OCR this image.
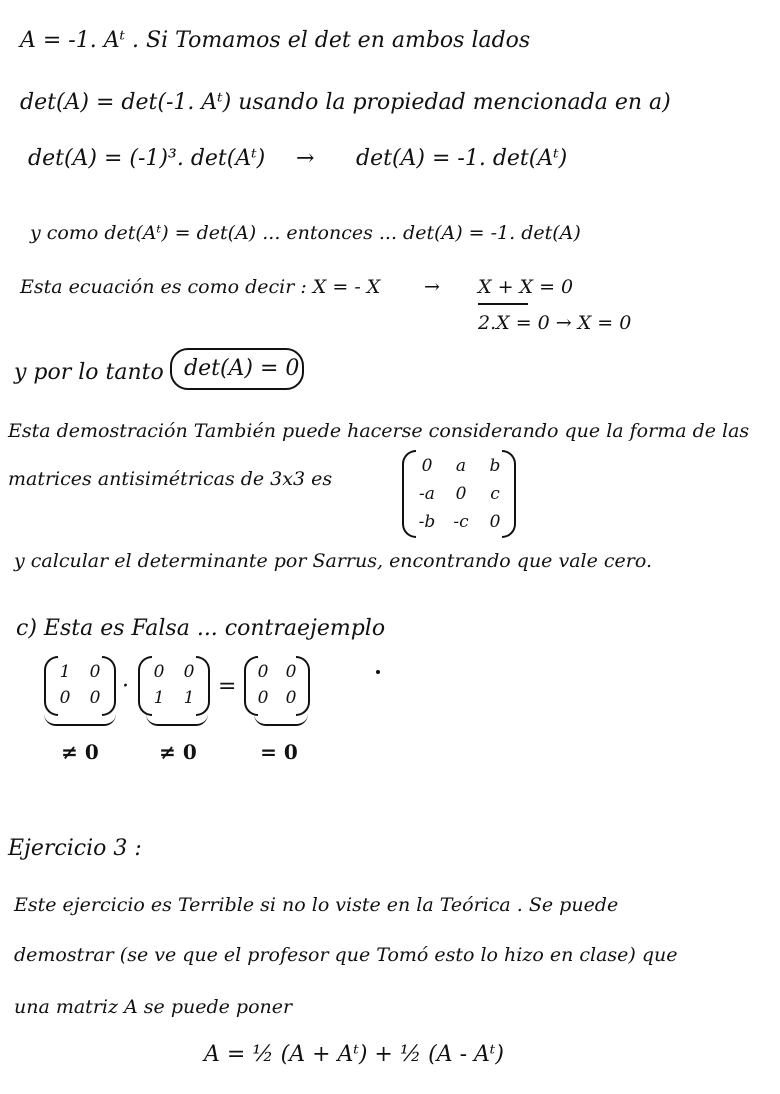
A = -1. Aᵗ . Si Tomamos el det en ambos lados
det(A) = det(-1. Aᵗ) usando la propiedad mencionada en a)
det(A) = (-1)³. det(Aᵗ) → det(A) = -1. det(Aᵗ)
y como det(Aᵗ) = det(A) ... entonces ... det(A) = -1. det(A)
Esta ecuación es como decir : X = - X → X + X = 0
2.X = 0 → X = 0
y por lo tanto det(A) = 0
Esta demostración También puede hacerse considerando que la forma de las
matrices antisimétricas de 3x3 es
0	a	b
-a	0	c
-b	-c	0
y calcular el determinante por Sarrus, encontrando que vale cero.
c) Esta es Falsa ... contraejemplo
1	0
0	0 ·
0	0
1	1	=
0	0
0	0
≠ 0	≠ 0	= 0
Ejercicio 3 :
Este ejercicio es Terrible si no lo viste en la Teórica . Se puede
demostrar (se ve que el profesor que Tomó esto lo hizo en clase) que
una matriz A se puede poner
A = ½ (A + Aᵗ) + ½ (A - Aᵗ)
